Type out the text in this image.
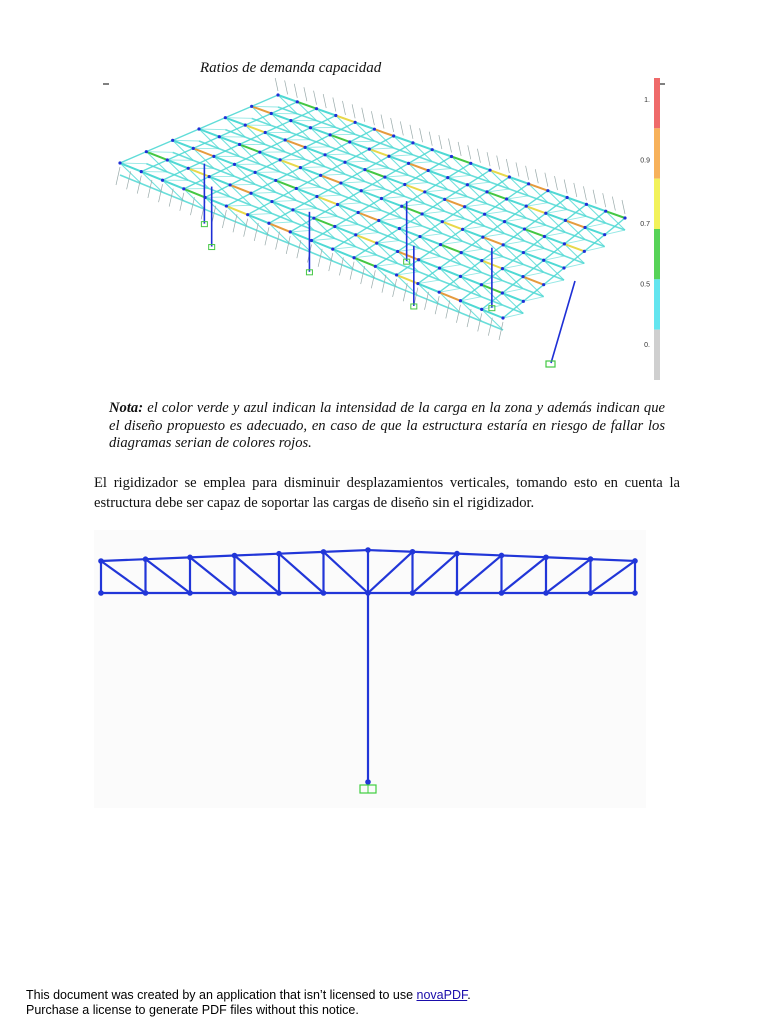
Ratios de demanda capacidad
1.
0.9
0.7
0.5
0.
Nota: el color verde y azul indican la intensidad de la carga en la zona y además indican que el diseño propuesto es adecuado, en caso de que la estructura estaría en riesgo de fallar los diagramas serian de colores rojos.
El rigidizador se emplea para disminuir desplazamientos verticales, tomando esto en cuenta la estructura debe ser capaz de soportar las cargas de diseño sin el rigidizador.
This document was created by an application that isn’t licensed to use novaPDF.
Purchase a license to generate PDF files without this notice.
